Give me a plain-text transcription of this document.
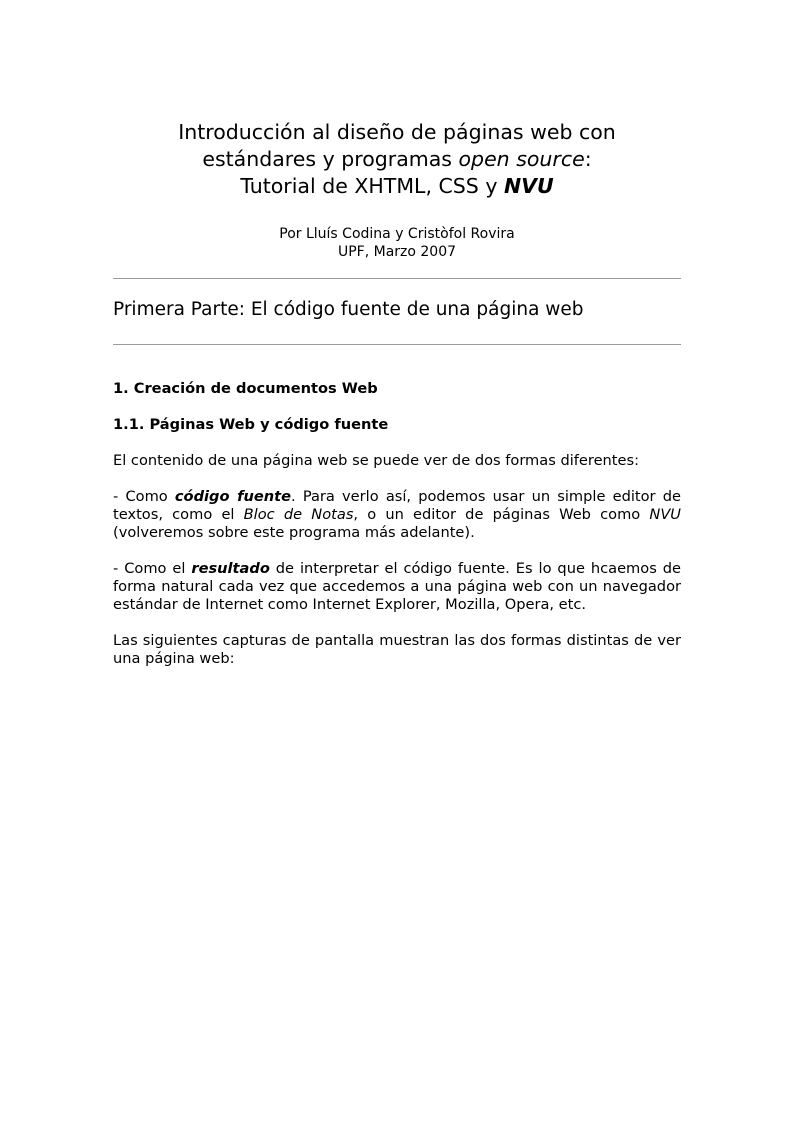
Introducción al diseño de páginas web con
estándares y programas open source:
Tutorial de XHTML, CSS y NVU
Por Lluís Codina y Cristòfol Rovira
UPF, Marzo 2007
Primera Parte: El código fuente de una página web
1. Creación de documentos Web
1.1. Páginas Web y código fuente
El contenido de una página web se puede ver de dos formas diferentes:
- Como código fuente. Para verlo así, podemos usar un simple editor de textos, como el Bloc de Notas, o un editor de páginas Web como NVU (volveremos sobre este programa más adelante).
- Como el resultado de interpretar el código fuente. Es lo que hcaemos de forma natural cada vez que accedemos a una página web con un navegador estándar de Internet como Internet Explorer, Mozilla, Opera, etc.
Las siguientes capturas de pantalla muestran las dos formas distintas de ver una página web:
